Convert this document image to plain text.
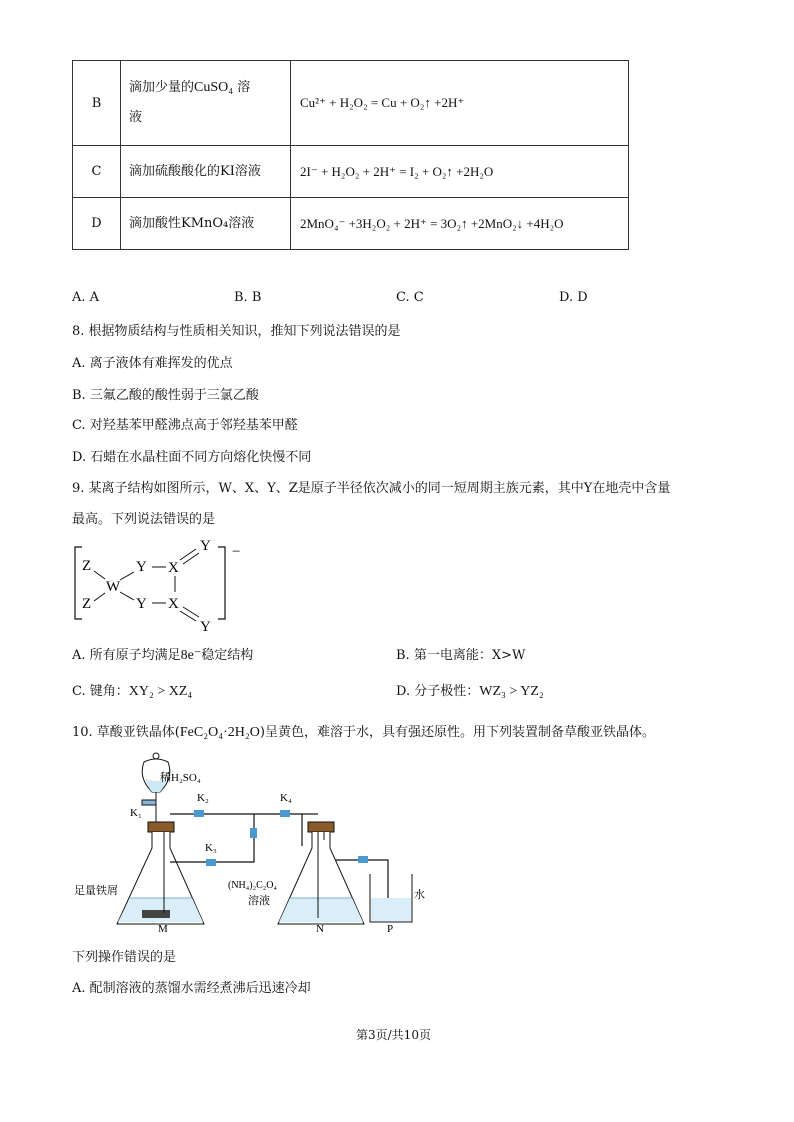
B	滴加少量的CuSO₄ 溶
液	Cu²⁺ + H₂O₂ = Cu + O₂↑ +2H⁺
C	滴加硫酸酸化的KI溶液	2I⁻ + H₂O₂ + 2H⁺ = I₂ + O₂↑ +2H₂O
D	滴加酸性KMnO₄溶液	2MnO₄⁻ +3H₂O₂ + 2H⁺ = 3O₂↑ +2MnO₂↓ +4H₂O
A. A	B. B	C. C	D. D
8. 根据物质结构与性质相关知识，推知下列说法错误的是
A. 离子液体有难挥发的优点
B. 三氟乙酸的酸性弱于三氯乙酸
C. 对羟基苯甲醛沸点高于邻羟基苯甲醛
D. 石蜡在水晶柱面不同方向熔化快慢不同
9. 某离子结构如图所示，W、X、Y、Z是原子半径依次减小的同一短周期主族元素，其中Y在地壳中含量
最高。下列说法错误的是
−
Z
Z
W
Y
Y
X
X
Y
Y
A. 所有原子均满足8e⁻稳定结构	B. 第一电离能：X>W
C. 键角：XY₂ > XZ₄	D. 分子极性：WZ₃ > YZ₂
10. 草酸亚铁晶体(FeC₂O₄·2H₂O)呈黄色，难溶于水，具有强还原性。用下列装置制备草酸亚铁晶体。
稀H₂SO₄
K₁
K₂
K₃
K₄
足量铁屑
M
(NH₄)₂C₂O₄
溶液
N
水
P
下列操作错误的是
A. 配制溶液的蒸馏水需经煮沸后迅速冷却
第3页/共10页
